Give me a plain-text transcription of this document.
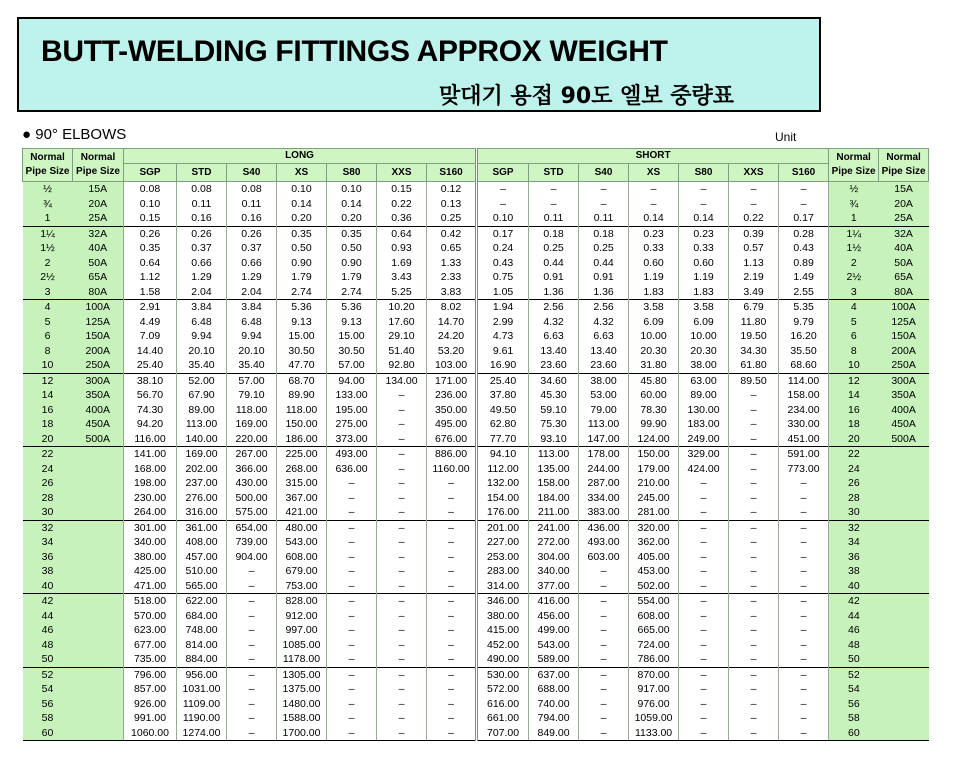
BUTT-WELDING FITTINGS APPROX WEIGHT
맞대기 용접 90도 엘보 중량표
● 90° ELBOWS	Unit
Normal Pipe Size	Normal Pipe Size	LONG							SHORT							Normal Pipe Size	Normal Pipe Size
		SGP	STD	S40	XS	S80	XXS	S160	SGP	STD	S40	XS	S80	XXS	S160		
½	15A	0.08	0.08	0.08	0.10	0.10	0.15	0.12	–	–	–	–	–	–	–	½	15A
¾	20A	0.10	0.11	0.11	0.14	0.14	0.22	0.13	–	–	–	–	–	–	–	¾	20A
1	25A	0.15	0.16	0.16	0.20	0.20	0.36	0.25	0.10	0.11	0.11	0.14	0.14	0.22	0.17	1	25A
1¼	32A	0.26	0.26	0.26	0.35	0.35	0.64	0.42	0.17	0.18	0.18	0.23	0.23	0.39	0.28	1¼	32A
1½	40A	0.35	0.37	0.37	0.50	0.50	0.93	0.65	0.24	0.25	0.25	0.33	0.33	0.57	0.43	1½	40A
2	50A	0.64	0.66	0.66	0.90	0.90	1.69	1.33	0.43	0.44	0.44	0.60	0.60	1.13	0.89	2	50A
2½	65A	1.12	1.29	1.29	1.79	1.79	3.43	2.33	0.75	0.91	0.91	1.19	1.19	2.19	1.49	2½	65A
3	80A	1.58	2.04	2.04	2.74	2.74	5.25	3.83	1.05	1.36	1.36	1.83	1.83	3.49	2.55	3	80A
4	100A	2.91	3.84	3.84	5.36	5.36	10.20	8.02	1.94	2.56	2.56	3.58	3.58	6.79	5.35	4	100A
5	125A	4.49	6.48	6.48	9.13	9.13	17.60	14.70	2.99	4.32	4.32	6.09	6.09	11.80	9.79	5	125A
6	150A	7.09	9.94	9.94	15.00	15.00	29.10	24.20	4.73	6.63	6.63	10.00	10.00	19.50	16.20	6	150A
8	200A	14.40	20.10	20.10	30.50	30.50	51.40	53.20	9.61	13.40	13.40	20.30	20.30	34.30	35.50	8	200A
10	250A	25.40	35.40	35.40	47.70	57.00	92.80	103.00	16.90	23.60	23.60	31.80	38.00	61.80	68.60	10	250A
12	300A	38.10	52.00	57.00	68.70	94.00	134.00	171.00	25.40	34.60	38.00	45.80	63.00	89.50	114.00	12	300A
14	350A	56.70	67.90	79.10	89.90	133.00	–	236.00	37.80	45.30	53.00	60.00	89.00	–	158.00	14	350A
16	400A	74.30	89.00	118.00	118.00	195.00	–	350.00	49.50	59.10	79.00	78.30	130.00	–	234.00	16	400A
18	450A	94.20	113.00	169.00	150.00	275.00	–	495.00	62.80	75.30	113.00	99.90	183.00	–	330.00	18	450A
20	500A	116.00	140.00	220.00	186.00	373.00	–	676.00	77.70	93.10	147.00	124.00	249.00	–	451.00	20	500A
22		141.00	169.00	267.00	225.00	493.00	–	886.00	94.10	113.00	178.00	150.00	329.00	–	591.00	22	
24		168.00	202.00	366.00	268.00	636.00	–	1160.00	112.00	135.00	244.00	179.00	424.00	–	773.00	24	
26		198.00	237.00	430.00	315.00	–	–	–	132.00	158.00	287.00	210.00	–	–	–	26	
28		230.00	276.00	500.00	367.00	–	–	–	154.00	184.00	334.00	245.00	–	–	–	28	
30		264.00	316.00	575.00	421.00	–	–	–	176.00	211.00	383.00	281.00	–	–	–	30	
32		301.00	361.00	654.00	480.00	–	–	–	201.00	241.00	436.00	320.00	–	–	–	32	
34		340.00	408.00	739.00	543.00	–	–	–	227.00	272.00	493.00	362.00	–	–	–	34	
36		380.00	457.00	904.00	608.00	–	–	–	253.00	304.00	603.00	405.00	–	–	–	36	
38		425.00	510.00	–	679.00	–	–	–	283.00	340.00	–	453.00	–	–	–	38	
40		471.00	565.00	–	753.00	–	–	–	314.00	377.00	–	502.00	–	–	–	40	
42		518.00	622.00	–	828.00	–	–	–	346.00	416.00	–	554.00	–	–	–	42	
44		570.00	684.00	–	912.00	–	–	–	380.00	456.00	–	608.00	–	–	–	44	
46		623.00	748.00	–	997.00	–	–	–	415.00	499.00	–	665.00	–	–	–	46	
48		677.00	814.00	–	1085.00	–	–	–	452.00	543.00	–	724.00	–	–	–	48	
50		735.00	884.00	–	1178.00	–	–	–	490.00	589.00	–	786.00	–	–	–	50	
52		796.00	956.00	–	1305.00	–	–	–	530.00	637.00	–	870.00	–	–	–	52	
54		857.00	1031.00	–	1375.00	–	–	–	572.00	688.00	–	917.00	–	–	–	54	
56		926.00	1109.00	–	1480.00	–	–	–	616.00	740.00	–	976.00	–	–	–	56	
58		991.00	1190.00	–	1588.00	–	–	–	661.00	794.00	–	1059.00	–	–	–	58	
60		1060.00	1274.00	–	1700.00	–	–	–	707.00	849.00	–	1133.00	–	–	–	60	
